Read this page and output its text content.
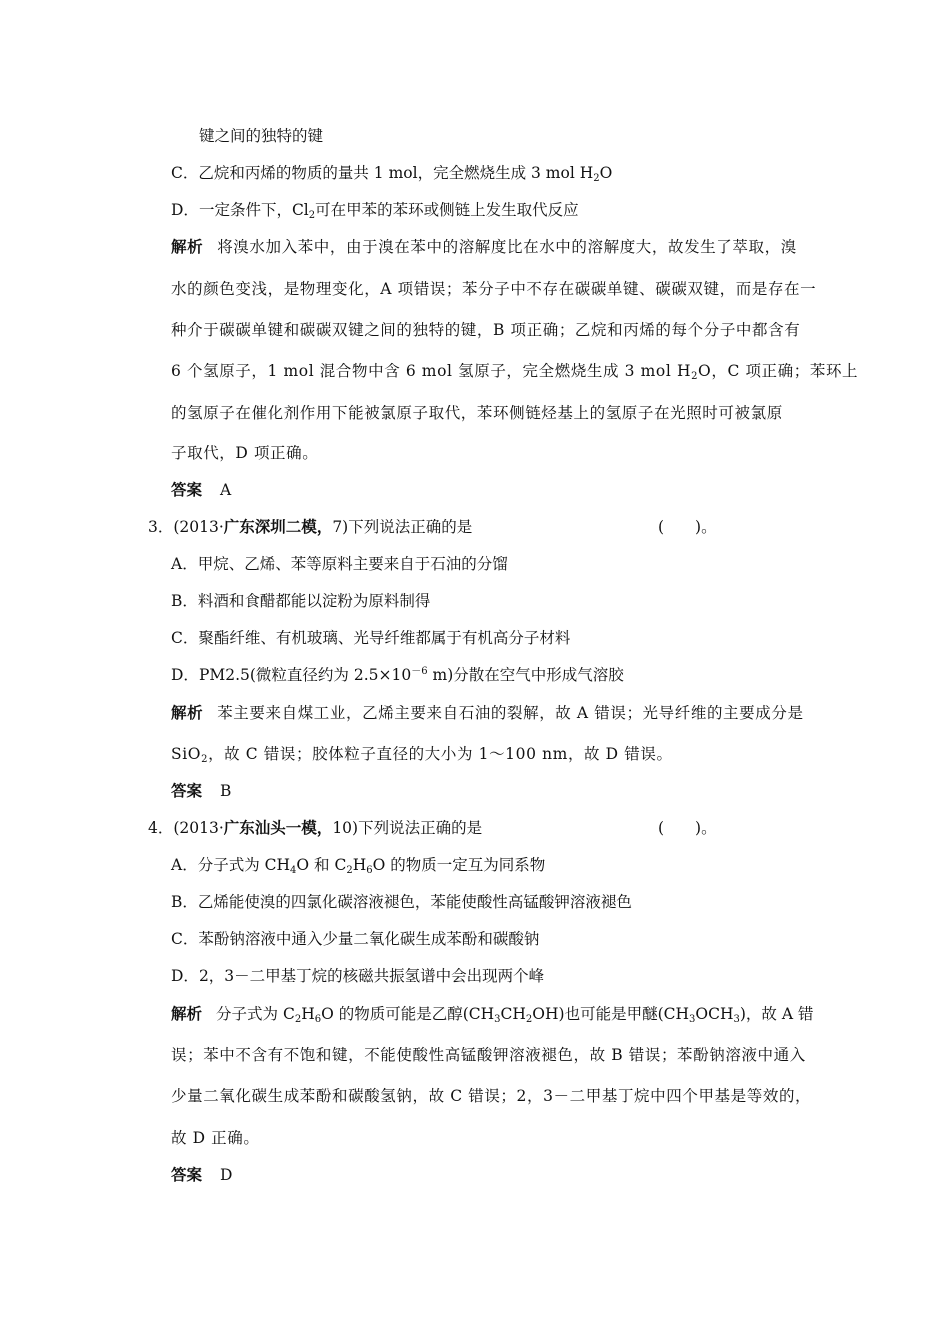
键之间的独特的键
C．乙烷和丙烯的物质的量共 1 mol，完全燃烧生成 3 mol $H_2O$
D．一定条件下，$Cl_2$可在甲苯的苯环或侧链上发生取代反应
解析 将溴水加入苯中，由于溴在苯中的溶解度比在水中的溶解度大，故发生了萃取，溴
水的颜色变浅，是物理变化，A 项错误；苯分子中不存在碳碳单键、碳碳双键，而是存在一
种介于碳碳单键和碳碳双键之间的独特的键，B 项正确；乙烷和丙烯的每个分子中都含有
6 个氢原子，1 mol 混合物中含 6 mol 氢原子，完全燃烧生成 3 mol $H_2O$，C 项正确；苯环上
的氢原子在催化剂作用下能被氯原子取代，苯环侧链烃基上的氢原子在光照时可被氯原
子取代，D 项正确。
答案 A
3．(2013·广东深圳二模，7)下列说法正确的是	(　　)。
A．甲烷、乙烯、苯等原料主要来自于石油的分馏
B．料酒和食醋都能以淀粉为原料制得
C．聚酯纤维、有机玻璃、光导纤维都属于有机高分子材料
D．PM2.5(微粒直径约为 $2.5\times 10^{-6}$ m)分散在空气中形成气溶胶
解析 苯主要来自煤工业，乙烯主要来自石油的裂解，故 A 错误；光导纤维的主要成分是
SiO$_2$，故 C 错误；胶体粒子直径的大小为 1～100 nm，故 D 错误。
答案 B
4．(2013·广东汕头一模，10)下列说法正确的是	(　　)。
A．分子式为 $CH_4O$ 和 $C_2H_6O$ 的物质一定互为同系物
B．乙烯能使溴的四氯化碳溶液褪色，苯能使酸性高锰酸钾溶液褪色
C．苯酚钠溶液中通入少量二氧化碳生成苯酚和碳酸钠
D．2，3－二甲基丁烷的核磁共振氢谱中会出现两个峰
解析 分子式为 $C_2H_6O$ 的物质可能是乙醇$(CH_3CH_2OH)$也可能是甲醚$(CH_3OCH_3)$，故 A 错
误；苯中不含有不饱和键，不能使酸性高锰酸钾溶液褪色，故 B 错误；苯酚钠溶液中通入
少量二氧化碳生成苯酚和碳酸氢钠，故 C 错误；2，3－二甲基丁烷中四个甲基是等效的，
故 D 正确。
答案 D
